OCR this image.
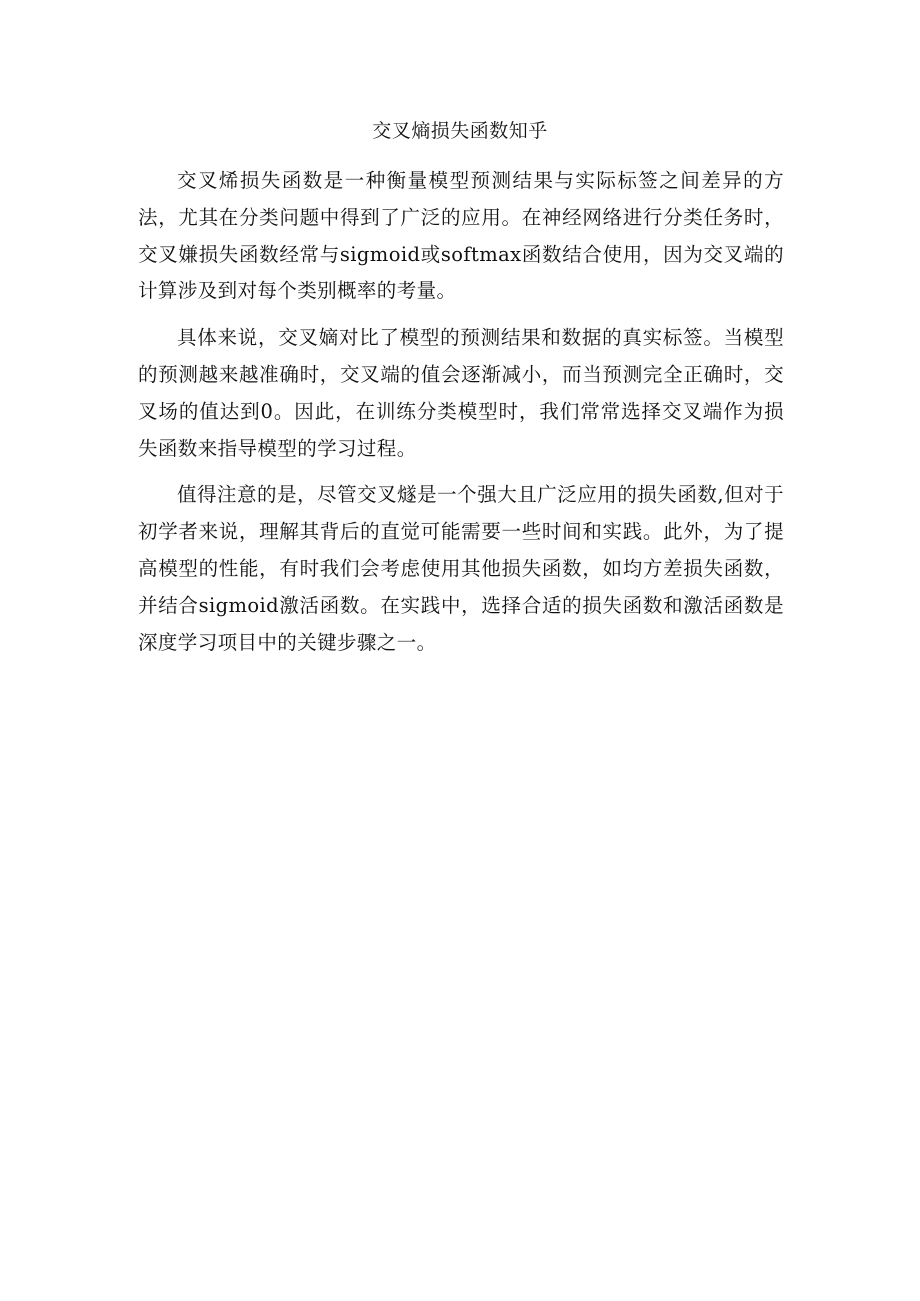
交叉熵损失函数知乎

交叉烯损失函数是一种衡量模型预测结果与实际标签之间差异的方法，尤其在分类问题中得到了广泛的应用。在神经网络进行分类任务时，交叉嫌损失函数经常与sigmoid或softmax函数结合使用，因为交叉端的计算涉及到对每个类别概率的考量。

具体来说，交叉嫡对比了模型的预测结果和数据的真实标签。当模型的预测越来越准确时，交叉端的值会逐渐减小，而当预测完全正确时，交叉场的值达到0。因此，在训练分类模型时，我们常常选择交叉端作为损失函数来指导模型的学习过程。

值得注意的是，尽管交叉燧是一个强大且广泛应用的损失函数,但对于初学者来说，理解其背后的直觉可能需要一些时间和实践。此外，为了提高模型的性能，有时我们会考虑使用其他损失函数，如均方差损失函数，并结合sigmoid激活函数。在实践中，选择合适的损失函数和激活函数是深度学习项目中的关键步骤之一。
